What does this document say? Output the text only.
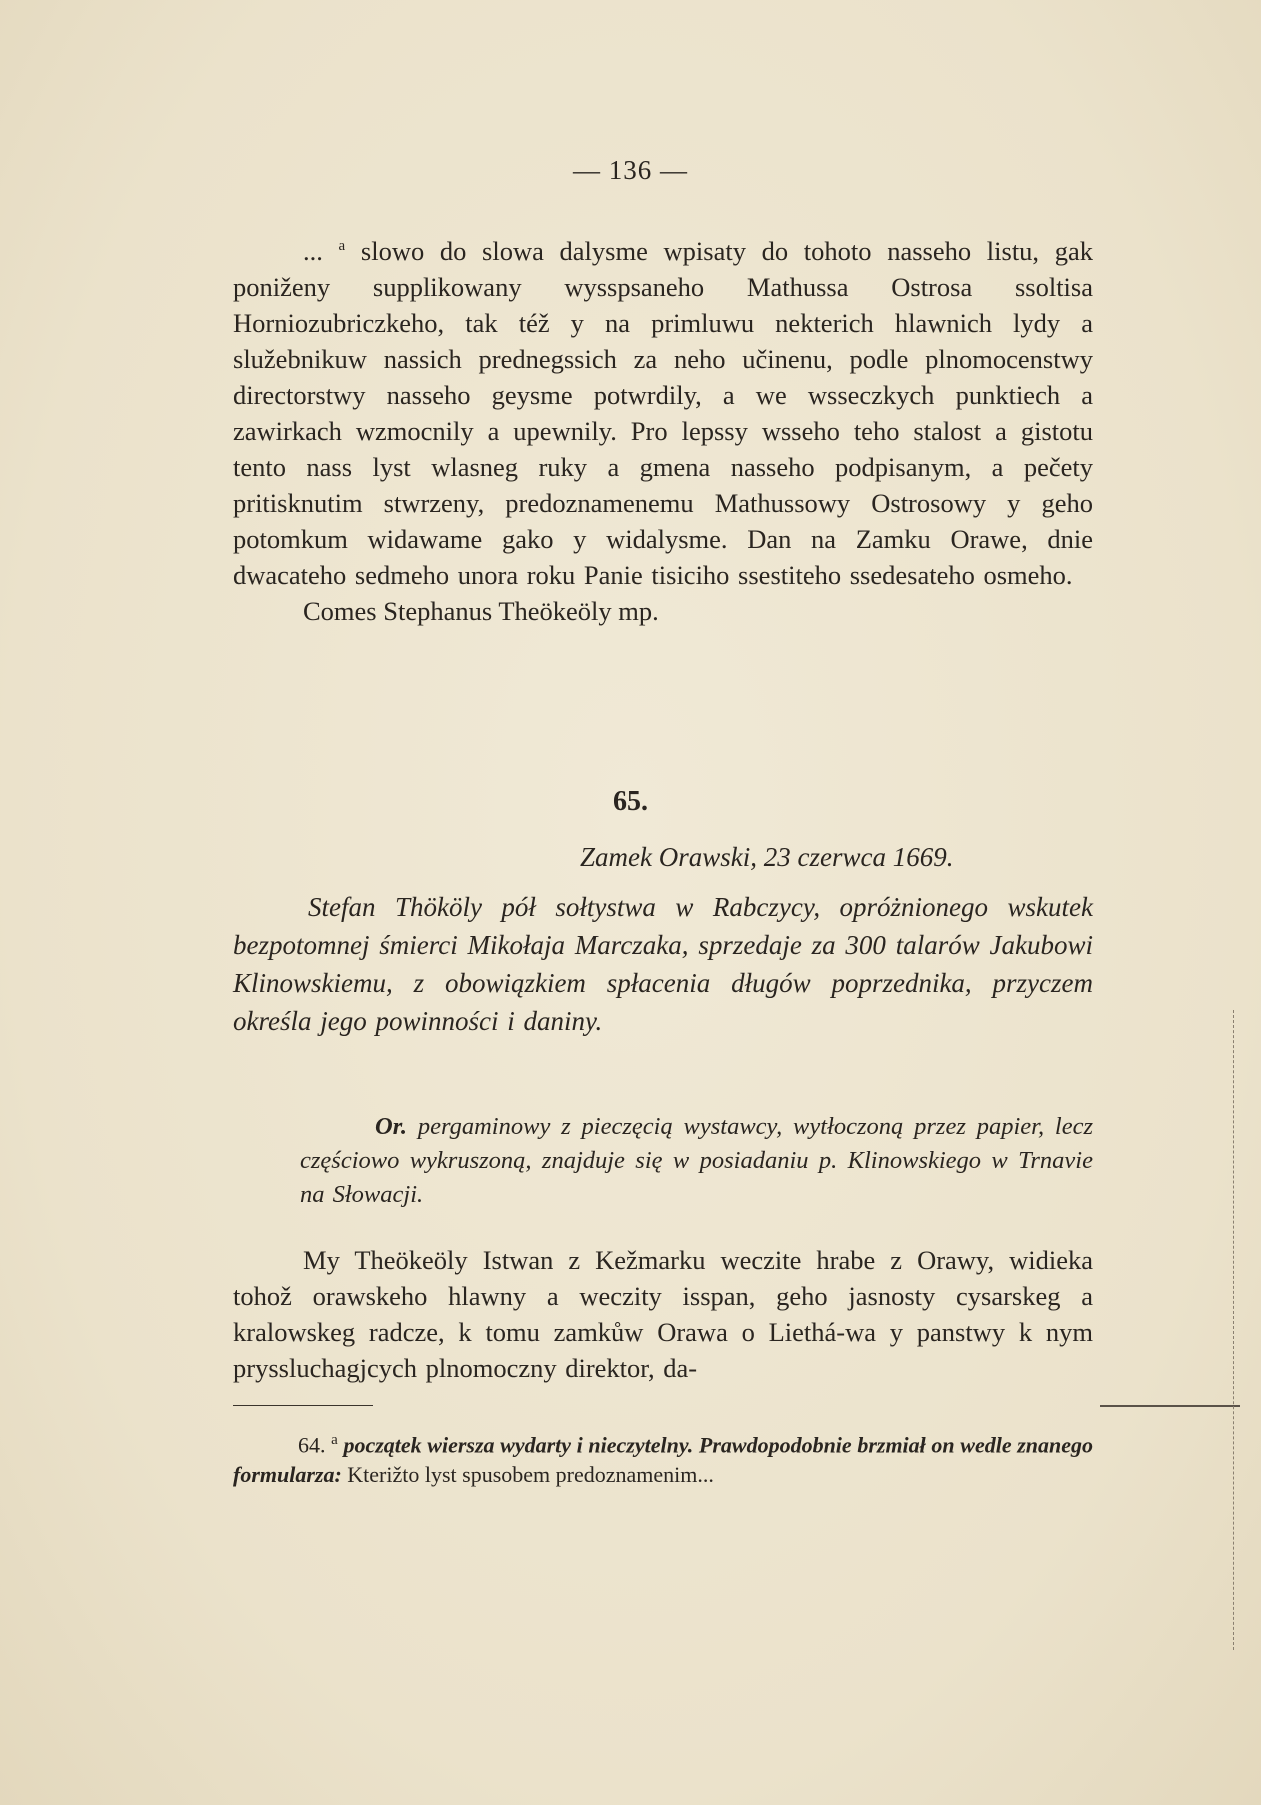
— 136 —

... $^a$ slowo do slowa dalysme wpisaty do tohoto nasseho listu, gak poniženy supplikowany wysspsaneho Mathussa Ostrosa ssoltisa Horniozubriczkeho, tak též y na primluwu nekterich hlawnich lydy a služebnikuw nassich prednegssich za neho učinenu, podle plnomocenstwy directorstwy nasseho geysme potwrdily, a we wsseczkych punktiech a zawirkach wzmocnily a upewnily. Pro lepssy wsseho teho stalost a gistotu tento nass lyst wlasneg ruky a gmena nasseho podpisanym, a pečety pritisknutim stwrzeny, predoznamenemu Mathussowy Ostrosowy y geho potomkum widawame gako y widalysme. Dan na Zamku Orawe, dnie dwacateho sedmeho unora roku Panie tisiciho ssestiteho ssedesateho osmeho.

Comes Stephanus Theökeöly mp.

65.
Zamek Orawski, 23 czerwca 1669.

Stefan Thököly pół sołtystwa w Rabczycy, opróżnionego wskutek bezpotomnej śmierci Mikołaja Marczaka, sprzedaje za 300 talarów Jakubowi Klinowskiemu, z obowiązkiem spłacenia długów poprzednika, przyczem określa jego powinności i daniny.

Or. pergaminowy z pieczęcią wystawcy, wytłoczoną przez papier, lecz częściowo wykruszoną, znajduje się w posiadaniu p. Klinowskiego w Trnavie na Słowacji.

My Theökeöly Istwan z Kežmarku weczite hrabe z Orawy, widieka tohož orawskeho hlawny a weczity isspan, geho jasnosty cysarskeg a kralowskeg radcze, k tomu zamkůw Orawa o Liethá-wa y panstwy k nym pryssluchagjcych plnomoczny direktor, da-

64. $^a$ początek wiersza wydarty i nieczytelny. Prawdopodobnie brzmiał on wedle znanego formularza: Kterižto lyst spusobem predoznamenim...
